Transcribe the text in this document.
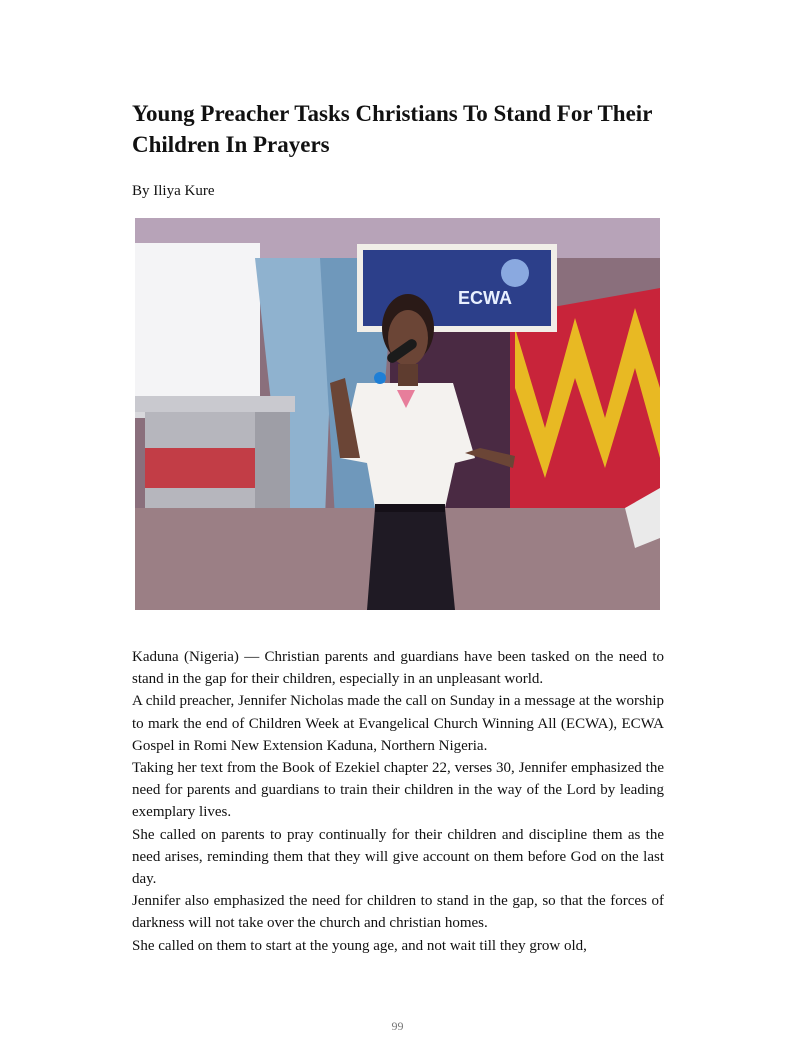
Young Preacher Tasks Christians To Stand For Their Children In Prayers
By Iliya Kure
ECWA

Kaduna (Nigeria) — Christian parents and guardians have been tasked on the need to stand in the gap for their children, especially in an unpleasant world.

A child preacher, Jennifer Nicholas made the call on Sunday in a message at the worship to mark the end of Children Week at Evangelical Church Winning All (ECWA), ECWA Gospel in Romi New Extension Kaduna, Northern Nigeria.

Taking her text from the Book of Ezekiel chapter 22, verses 30, Jennifer emphasized the need for parents and guardians to train their children in the way of the Lord by leading exemplary lives.

She called on parents to pray continually for their children and discipline them as the need arises, reminding them that they will give account on them before God on the last day.

Jennifer also emphasized the need for children to stand in the gap, so that the forces of darkness will not take over the church and christian homes.

She called on them to start at the young age, and not wait till they grow old,

99
